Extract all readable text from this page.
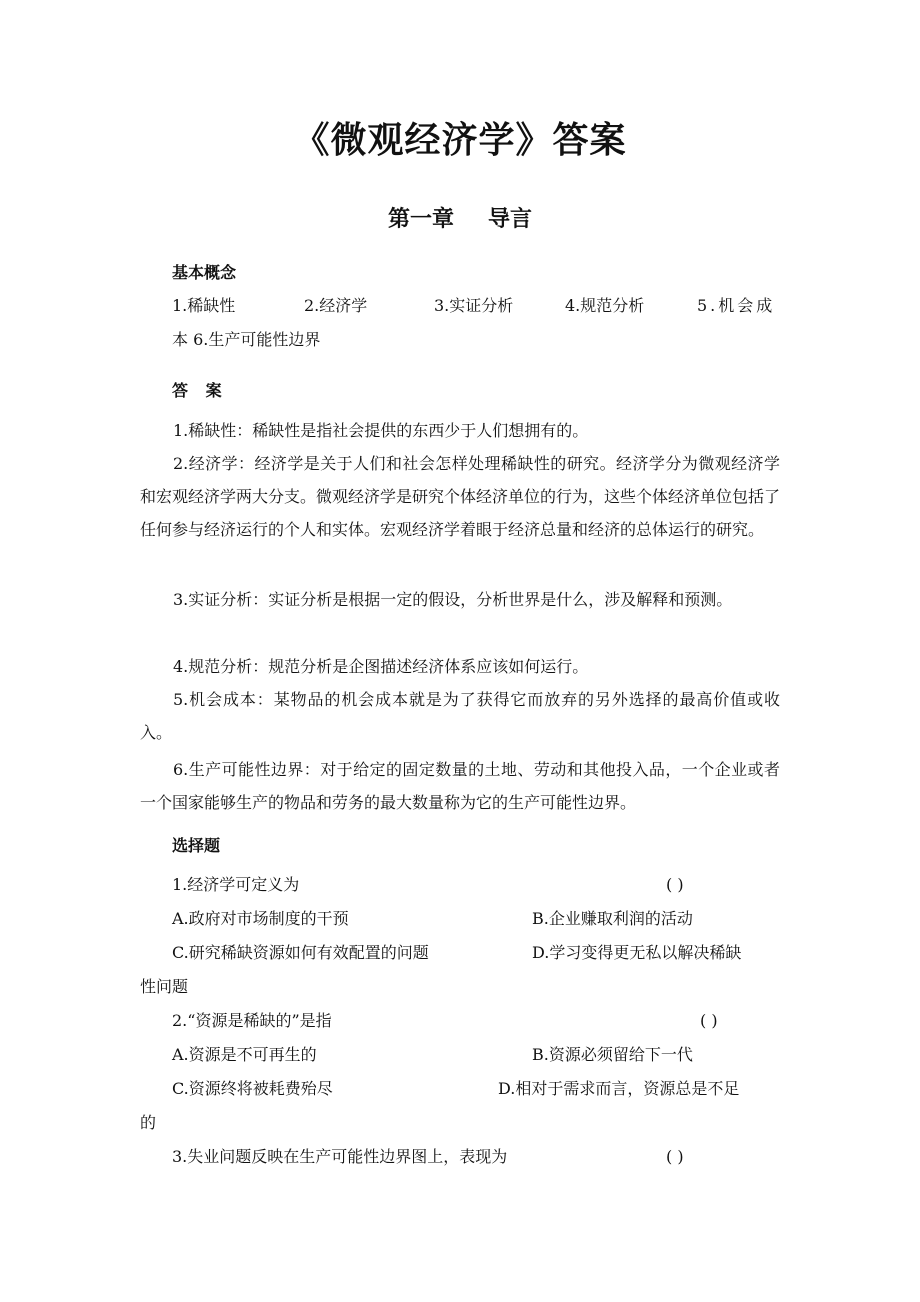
《微观经济学》答案
第一章 导言
基本概念
1.稀缺性	2.经济学	3.实证分析	4.规范分析	5.机会成
本 6.生产可能性边界
答 案
1.稀缺性：稀缺性是指社会提供的东西少于人们想拥有的。
2.经济学：经济学是关于人们和社会怎样处理稀缺性的研究。经济学分为微观经济学和宏观经济学两大分支。微观经济学是研究个体经济单位的行为，这些个体经济单位包括了任何参与经济运行的个人和实体。宏观经济学着眼于经济总量和经济的总体运行的研究。
3.实证分析：实证分析是根据一定的假设，分析世界是什么，涉及解释和预测。
4.规范分析：规范分析是企图描述经济体系应该如何运行。
5.机会成本：某物品的机会成本就是为了获得它而放弃的另外选择的最高价值或收入。
6.生产可能性边界：对于给定的固定数量的土地、劳动和其他投入品，一个企业或者一个国家能够生产的物品和劳务的最大数量称为它的生产可能性边界。
选择题
1.经济学可定义为	( )
A.政府对市场制度的干预	B.企业赚取利润的活动
C.研究稀缺资源如何有效配置的问题	D.学习变得更无私以解决稀缺
性问题
2.“资源是稀缺的”是指	( )
A.资源是不可再生的	B.资源必须留给下一代
C.资源终将被耗费殆尽	D.相对于需求而言，资源总是不足
的
3.失业问题反映在生产可能性边界图上，表现为	( )
